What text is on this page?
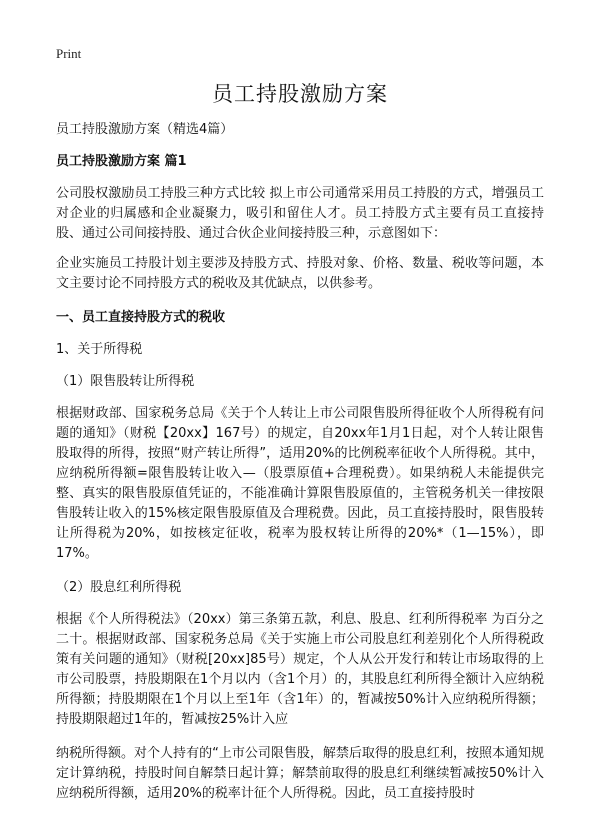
Print
员工持股激励方案

员工持股激励方案（精选4篇）

员工持股激励方案 篇1

公司股权激励员工持股三种方式比较 拟上市公司通常采用员工持股的方式，增强员工对企业的归属感和企业凝聚力，吸引和留住人才。员工持股方式主要有员工直接持股、通过公司间接持股、通过合伙企业间接持股三种，示意图如下：

企业实施员工持股计划主要涉及持股方式、持股对象、价格、数量、税收等问题，本文主要讨论不同持股方式的税收及其优缺点，以供参考。

一、员工直接持股方式的税收

1、关于所得税

（1）限售股转让所得税

根据财政部、国家税务总局《关于个人转让上市公司限售股所得征收个人所得税有问题的通知》（财税【20xx】167号）的规定，自20xx年1月1日起，对个人转让限售股取得的所得，按照“财产转让所得”，适用20%的比例税率征收个人所得税。其中，应纳税所得额=限售股转让收入—（股票原值+合理税费）。如果纳税人未能提供完整、真实的限售股原值凭证的，不能准确计算限售股原值的，主管税务机关一律按限售股转让收入的15%核定限售股原值及合理税费。因此，员工直接持股时，限售股转让所得税为20%，如按核定征收，税率为股权转让所得的20%*（1—15%），即17%。

（2）股息红利所得税

根据《个人所得税法》（20xx）第三条第五款，利息、股息、红利所得税率 为百分之二十。根据财政部、国家税务总局《关于实施上市公司股息红利差别化个人所得税政策有关问题的通知》（财税[20xx]85号）规定，个人从公开发行和转让市场取得的上市公司股票，持股期限在1个月以内（含1个月）的，其股息红利所得全额计入应纳税所得额；持股期限在1个月以上至1年（含1年）的，暂减按50%计入应纳税所得额；持股期限超过1年的，暂减按25%计入应

纳税所得额。对个人持有的“上市公司限售股，解禁后取得的股息红利，按照本通知规定计算纳税，持股时间自解禁日起计算；解禁前取得的股息红利继续暂减按50%计入应纳税所得额，适用20%的税率计征个人所得税。因此，员工直接持股时
